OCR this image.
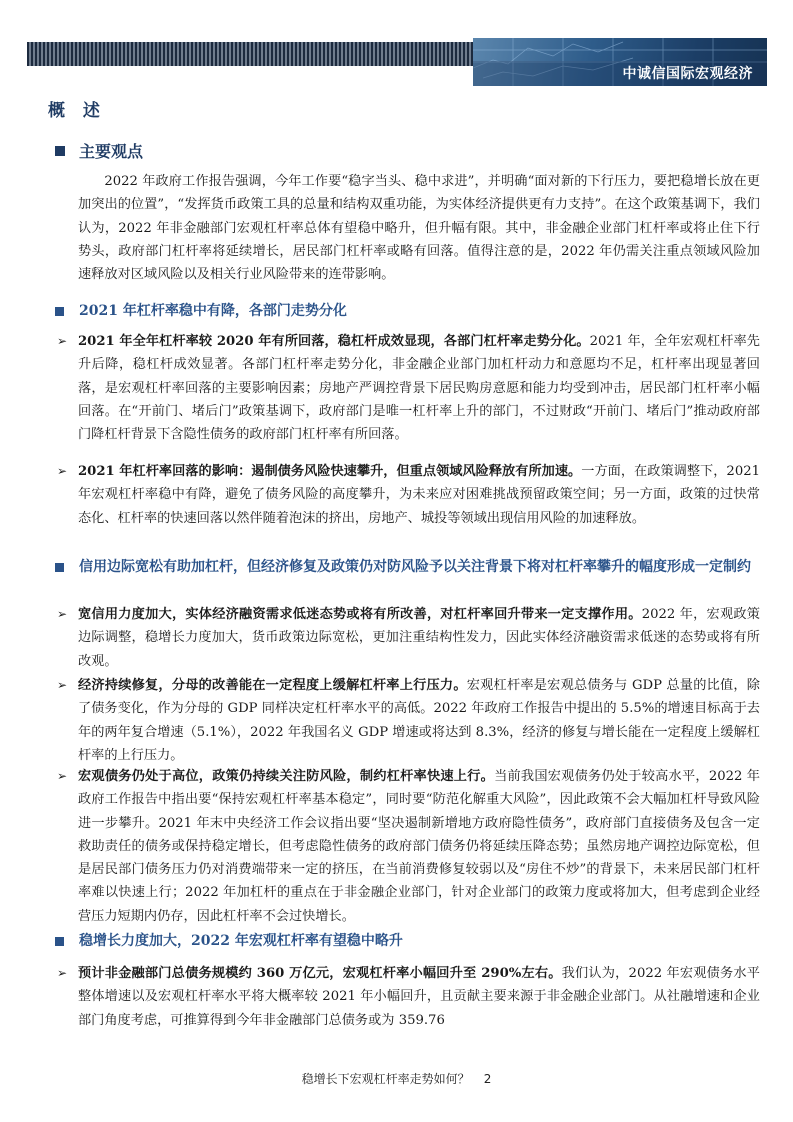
中诚信国际宏观经济
概 述
主要观点
2022 年政府工作报告强调，今年工作要“稳字当头、稳中求进”，并明确“面对新的下行压力，要把稳增长放在更加突出的位置”，“发挥货币政策工具的总量和结构双重功能，为实体经济提供更有力支持”。在这个政策基调下，我们认为，2022 年非金融部门宏观杠杆率总体有望稳中略升，但升幅有限。其中，非金融企业部门杠杆率或将止住下行势头，政府部门杠杆率将延续增长，居民部门杠杆率或略有回落。值得注意的是，2022 年仍需关注重点领域风险加速释放对区域风险以及相关行业风险带来的连带影响。
2021 年杠杆率稳中有降，各部门走势分化
➢ 2021 年全年杠杆率较 2020 年有所回落，稳杠杆成效显现，各部门杠杆率走势分化。2021 年，全年宏观杠杆率先升后降，稳杠杆成效显著。各部门杠杆率走势分化，非金融企业部门加杠杆动力和意愿均不足，杠杆率出现显著回落，是宏观杠杆率回落的主要影响因素；房地产严调控背景下居民购房意愿和能力均受到冲击，居民部门杠杆率小幅回落。在“开前门、堵后门”政策基调下，政府部门是唯一杠杆率上升的部门，不过财政“开前门、堵后门”推动政府部门降杠杆背景下含隐性债务的政府部门杠杆率有所回落。

➢ 2021 年杠杆率回落的影响：遏制债务风险快速攀升，但重点领域风险释放有所加速。一方面，在政策调整下，2021 年宏观杠杆率稳中有降，避免了债务风险的高度攀升，为未来应对困难挑战预留政策空间；另一方面，政策的过快常态化、杠杆率的快速回落以然伴随着泡沫的挤出，房地产、城投等领域出现信用风险的加速释放。

信用边际宽松有助加杠杆，但经济修复及政策仍对防风险予以关注背景下将对杠杆率攀升的幅度形成一定制约
➢ 宽信用力度加大，实体经济融资需求低迷态势或将有所改善，对杠杆率回升带来一定支撑作用。2022 年，宏观政策边际调整，稳增长力度加大，货币政策边际宽松，更加注重结构性发力，因此实体经济融资需求低迷的态势或将有所改观。

➢ 经济持续修复，分母的改善能在一定程度上缓解杠杆率上行压力。宏观杠杆率是宏观总债务与 GDP 总量的比值，除了债务变化，作为分母的 GDP 同样决定杠杆率水平的高低。2022 年政府工作报告中提出的 5.5%的增速目标高于去年的两年复合增速（5.1%），2022 年我国名义 GDP 增速或将达到 8.3%，经济的修复与增长能在一定程度上缓解杠杆率的上行压力。

➢ 宏观债务仍处于高位，政策仍持续关注防风险，制约杠杆率快速上行。当前我国宏观债务仍处于较高水平，2022 年政府工作报告中指出要“保持宏观杠杆率基本稳定”，同时要“防范化解重大风险”，因此政策不会大幅加杠杆导致风险进一步攀升。2021 年末中央经济工作会议指出要“坚决遏制新增地方政府隐性债务”，政府部门直接债务及包含一定救助责任的债务或保持稳定增长，但考虑隐性债务的政府部门债务仍将延续压降态势；虽然房地产调控边际宽松，但是居民部门债务压力仍对消费端带来一定的挤压，在当前消费修复较弱以及“房住不炒”的背景下，未来居民部门杠杆率难以快速上行；2022 年加杠杆的重点在于非金融企业部门，针对企业部门的政策力度或将加大，但考虑到企业经营压力短期内仍存，因此杠杆率不会过快增长。

稳增长力度加大，2022 年宏观杠杆率有望稳中略升
➢ 预计非金融部门总债务规模约 360 万亿元，宏观杠杆率小幅回升至 290%左右。我们认为，2022 年宏观债务水平整体增速以及宏观杠杆率水平将大概率较 2021 年小幅回升，且贡献主要来源于非金融企业部门。从社融增速和企业部门角度考虑，可推算得到今年非金融部门总债务或为 359.76

稳增长下宏观杠杆率走势如何？ 2
